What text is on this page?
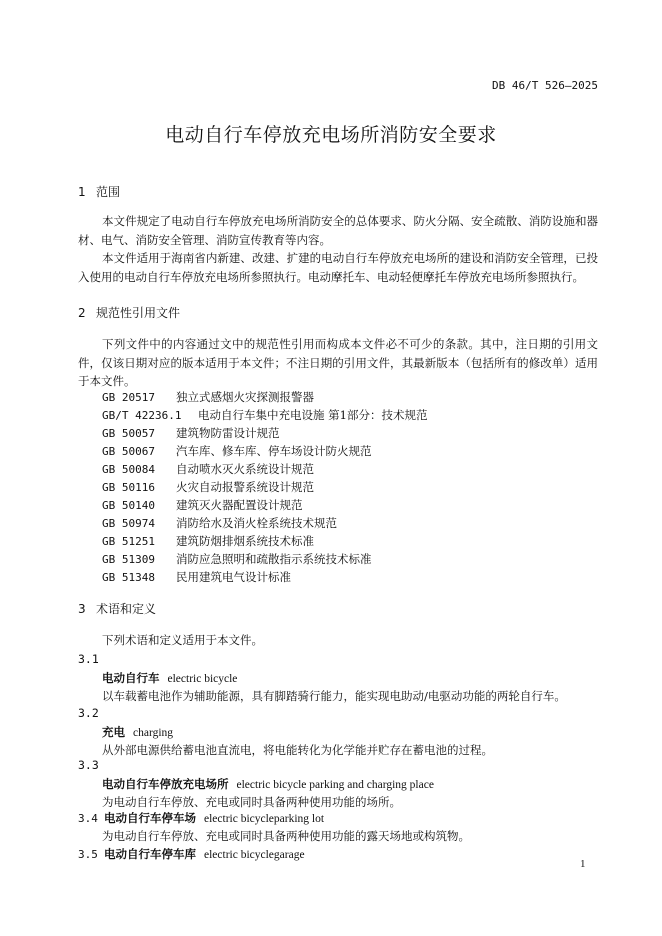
DB 46/T 526—2025
电动自行车停放充电场所消防安全要求
1 范围
本文件规定了电动自行车停放充电场所消防安全的总体要求、防火分隔、安全疏散、消防设施和器材、电气、消防安全管理、消防宣传教育等内容。
本文件适用于海南省内新建、改建、扩建的电动自行车停放充电场所的建设和消防安全管理，已投入使用的电动自行车停放充电场所参照执行。电动摩托车、电动轻便摩托车停放充电场所参照执行。
2 规范性引用文件
下列文件中的内容通过文中的规范性引用而构成本文件必不可少的条款。其中，注日期的引用文件，仅该日期对应的版本适用于本文件；不注日期的引用文件，其最新版本（包括所有的修改单）适用于本文件。
GB 20517 独立式感烟火灾探测报警器
GB/T 42236.1 电动自行车集中充电设施 第1部分：技术规范
GB 50057 建筑物防雷设计规范
GB 50067 汽车库、修车库、停车场设计防火规范
GB 50084 自动喷水灭火系统设计规范
GB 50116 火灾自动报警系统设计规范
GB 50140 建筑灭火器配置设计规范
GB 50974 消防给水及消火栓系统技术规范
GB 51251 建筑防烟排烟系统技术标准
GB 51309 消防应急照明和疏散指示系统技术标准
GB 51348 民用建筑电气设计标准
3 术语和定义
下列术语和定义适用于本文件。
3.1
电动自行车 electric bicycle
以车载蓄电池作为辅助能源，具有脚踏骑行能力，能实现电助动/电驱动功能的两轮自行车。
3.2
充电 charging
从外部电源供给蓄电池直流电，将电能转化为化学能并贮存在蓄电池的过程。
3.3
电动自行车停放充电场所 electric bicycle parking and charging place
为电动自行车停放、充电或同时具备两种使用功能的场所。
3.4 电动自行车停车场 electric bicycleparking lot
为电动自行车停放、充电或同时具备两种使用功能的露天场地或构筑物。
3.5 电动自行车停车库 electric bicyclegarage
1
